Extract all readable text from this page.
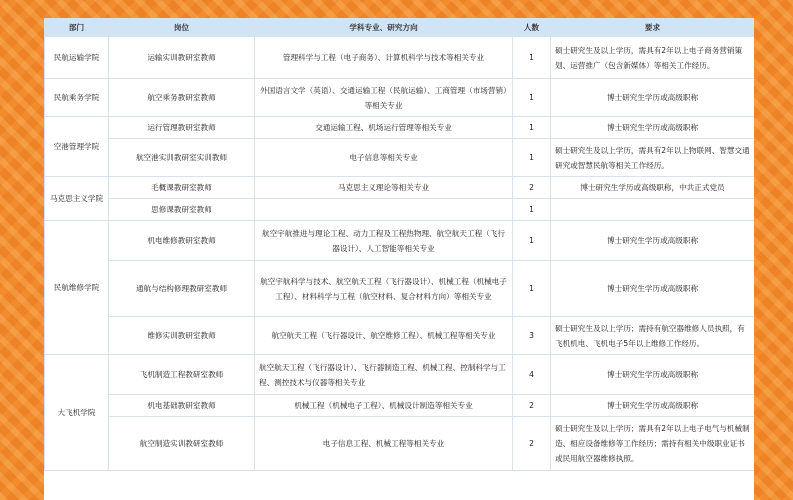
部门	岗位	学科专业、研究方向	人数	要求
民航运输学院	运输实训教研室教师	管理科学与工程（电子商务）、计算机科学与技术等相关专业	1	硕士研究生及以上学历，需具有2年以上电子商务营销策划、运营推广（包含新媒体）等相关工作经历。
民航乘务学院	航空乘务教研室教师	外国语言文学（英语）、交通运输工程（民航运输）、工商管理（市场营销）等相关专业	1	博士研究生学历或高级职称
空港管理学院	运行管理教研室教师	交通运输工程、机场运行管理等相关专业	1	博士研究生学历或高级职称
	航空港实训教研室实训教师	电子信息等相关专业	1	硕士研究生及以上学历，需具有2年以上物联网、智慧交通研究或智慧民航等相关工作经历。
马克思主义学院	毛概课教研室教师	马克思主义理论等相关专业	2	博士研究生学历或高级职称，中共正式党员
	思修课教研室教师		1	
民航维修学院	机电维修教研室教师	航空宇航推进与理论工程、动力工程及工程热物理、航空航天工程（飞行器设计）、人工智能等相关专业	1	博士研究生学历或高级职称
	通航与结构修理教研室教师	航空宇航科学与技术、航空航天工程（飞行器设计）、机械工程（机械电子工程）、材料科学与工程（航空材料、复合材料方向）等相关专业	1	博士研究生学历或高级职称
	维修实训教研室教师	航空航天工程（飞行器设计、航空维修工程）、机械工程等相关专业	3	硕士研究生及以上学历；需持有航空器维修人员执照，有飞机机电、飞机电子5年以上维修工作经历。
大飞机学院	飞机制造工程教研室教师	航空航天工程（飞行器设计）、飞行器制造工程、机械工程、控制科学与工程、测控技术与仪器等相关专业	4	博士研究生学历或高级职称
	机电基础教研室教师	机械工程（机械电子工程）、机械设计制造等相关专业	2	博士研究生学历或高级职称
	航空制造实训教研室教师	电子信息工程、机械工程等相关专业	2	硕士研究生及以上学历；需具有2年以上电子电气与机械制造、相应设备维修等工作经历；需持有相关中级职业证书或民用航空器维修执照。
